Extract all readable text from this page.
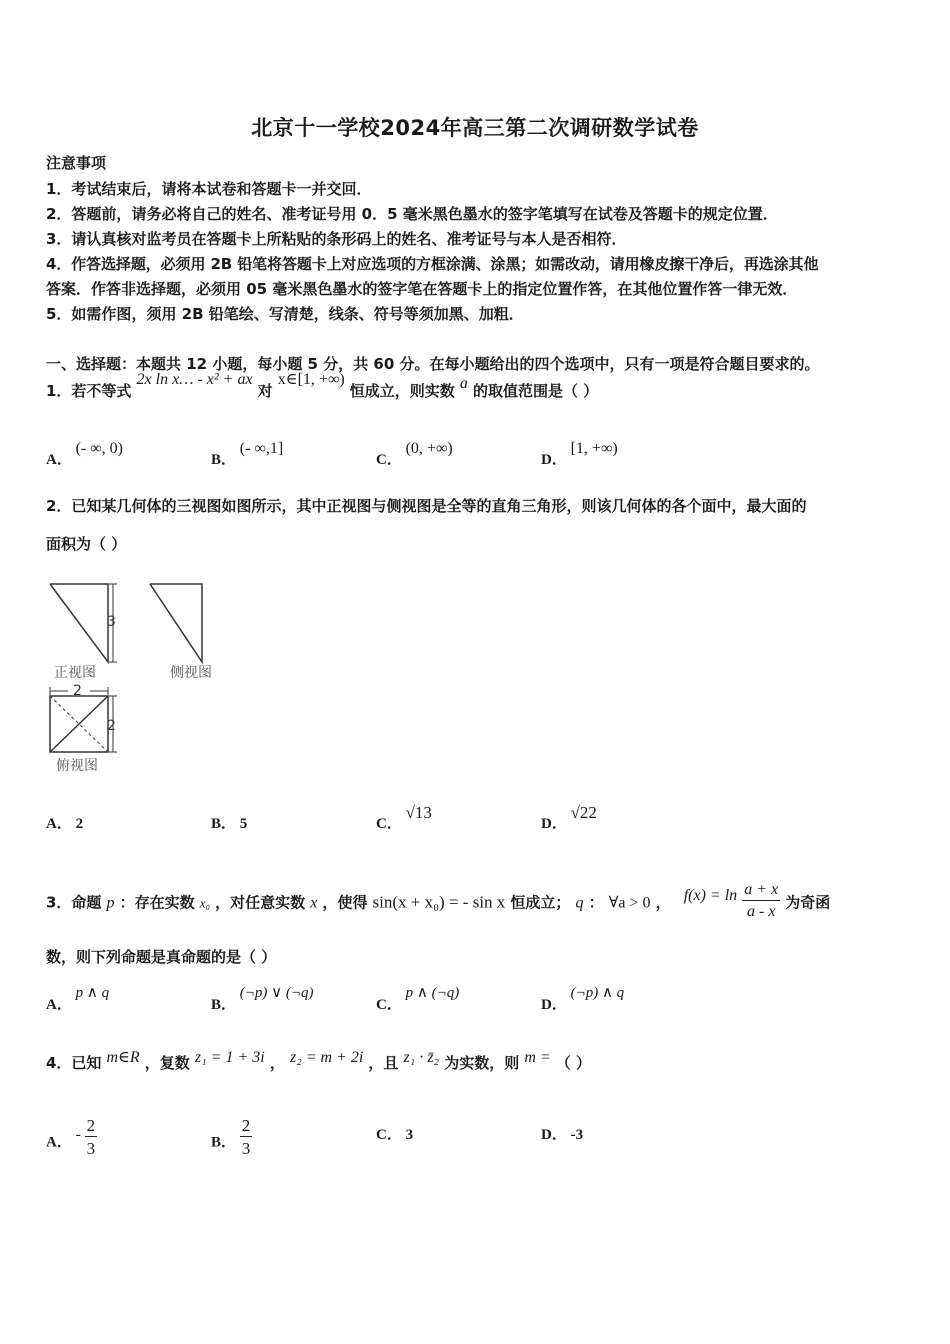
北京十一学校2024年高三第二次调研数学试卷
注意事项
1．考试结束后，请将本试卷和答题卡一并交回．
2．答题前，请务必将自己的姓名、准考证号用 0．5 毫米黑色墨水的签字笔填写在试卷及答题卡的规定位置．
3．请认真核对监考员在答题卡上所粘贴的条形码上的姓名、准考证号与本人是否相符．
4．作答选择题，必须用 2B 铅笔将答题卡上对应选项的方框涂满、涂黑；如需改动，请用橡皮擦干净后，再选涂其他
答案．作答非选择题，必须用 05 毫米黑色墨水的签字笔在答题卡上的指定位置作答，在其他位置作答一律无效．
5．如需作图，须用 2B 铅笔绘、写清楚，线条、符号等须加黑、加粗．
一、选择题：本题共 12 小题，每小题 5 分，共 60 分。在每小题给出的四个选项中，只有一项是符合题目要求的。
1．若不等式 2x ln x… - x² + ax 对 x∈[1, +∞) 恒成立，则实数 a 的取值范围是（ ）
A． (- ∞, 0)
B． (- ∞,1]
C． (0, +∞)
D． [1, +∞)
2．已知某几何体的三视图如图所示，其中正视图与侧视图是全等的直角三角形，则该几何体的各个面中，最大面的
面积为（ ）
3
正视图	侧视图
2
2
俯视图
A． 2	B． 5	C． √13
D． √22
3．命题 p ：存在实数 x₀ ，对任意实数 x ，使得 sin(x + x₀) = - sin x 恒成立； q ： ∀a > 0 ， $f(x) = \ln \frac{a + x}{a - x}$ 为奇函
数，则下列命题是真命题的是（ ）
A． p ∧ q
B． (¬p) ∨ (¬q)
C． p ∧ (¬q)
D． (¬p) ∧ q
4．已知 m∈R ，复数 z₁ = 1 + 3i ， z₂ = m + 2i ，且 z₁ · z̄₂ 为实数，则 m = （ ）
A． - $\frac{2}{3}$	B． $\frac{2}{3}$	C． 3	D． -3
